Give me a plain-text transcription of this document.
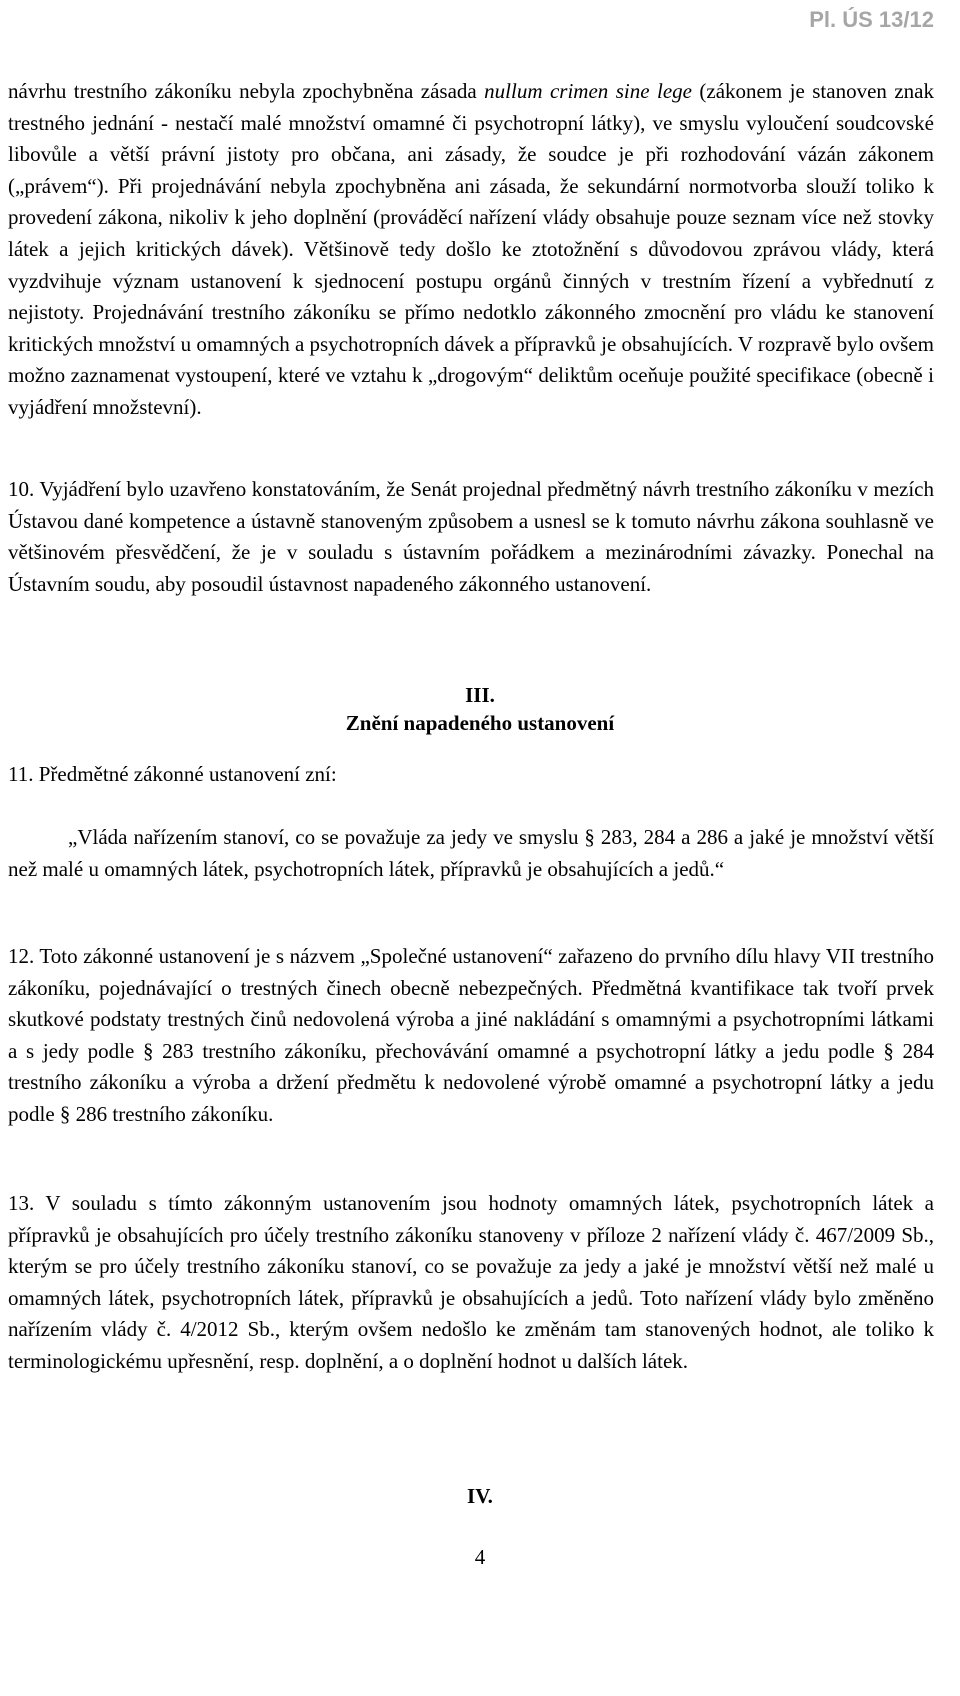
Pl. ÚS 13/12

návrhu trestního zákoníku nebyla zpochybněna zásada nullum crimen sine lege (zákonem je stanoven znak trestného jednání - nestačí malé množství omamné či psychotropní látky), ve smyslu vyloučení soudcovské libovůle a větší právní jistoty pro občana, ani zásady, že soudce je při rozhodování vázán zákonem („právem“). Při projednávání nebyla zpochybněna ani zásada, že sekundární normotvorba slouží toliko k provedení zákona, nikoliv k jeho doplnění (prováděcí nařízení vlády obsahuje pouze seznam více než stovky látek a jejich kritických dávek). Většinově tedy došlo ke ztotožnění s důvodovou zprávou vlády, která vyzdvihuje význam ustanovení k sjednocení postupu orgánů činných v trestním řízení a vybřednutí z nejistoty. Projednávání trestního zákoníku se přímo nedotklo zákonného zmocnění pro vládu ke stanovení kritických množství u omamných a psychotropních dávek a přípravků je obsahujících. V rozpravě bylo ovšem možno zaznamenat vystoupení, které ve vztahu k „drogovým“ deliktům oceňuje použité specifikace (obecně i vyjádření množstevní).

10. Vyjádření bylo uzavřeno konstatováním, že Senát projednal předmětný návrh trestního zákoníku v mezích Ústavou dané kompetence a ústavně stanoveným způsobem a usnesl se k tomuto návrhu zákona souhlasně ve většinovém přesvědčení, že je v souladu s ústavním pořádkem a mezinárodními závazky. Ponechal na Ústavním soudu, aby posoudil ústavnost napadeného zákonného ustanovení.

III.
Znění napadeného ustanovení

11. Předmětné zákonné ustanovení zní:

„Vláda nařízením stanoví, co se považuje za jedy ve smyslu § 283, 284 a 286 a jaké je množství větší než malé u omamných látek, psychotropních látek, přípravků je obsahujících a jedů.“

12. Toto zákonné ustanovení je s názvem „Společné ustanovení“ zařazeno do prvního dílu hlavy VII trestního zákoníku, pojednávající o trestných činech obecně nebezpečných. Předmětná kvantifikace tak tvoří prvek skutkové podstaty trestných činů nedovolená výroba a jiné nakládání s omamnými a psychotropními látkami a s jedy podle § 283 trestního zákoníku, přechovávání omamné a psychotropní látky a jedu podle § 284 trestního zákoníku a výroba a držení předmětu k nedovolené výrobě omamné a psychotropní látky a jedu podle § 286 trestního zákoníku.

13. V souladu s tímto zákonným ustanovením jsou hodnoty omamných látek, psychotropních látek a přípravků je obsahujících pro účely trestního zákoníku stanoveny v příloze 2 nařízení vlády č. 467/2009 Sb., kterým se pro účely trestního zákoníku stanoví, co se považuje za jedy a jaké je množství větší než malé u omamných látek, psychotropních látek, přípravků je obsahujících a jedů. Toto nařízení vlády bylo změněno nařízením vlády č. 4/2012 Sb., kterým ovšem nedošlo ke změnám tam stanovených hodnot, ale toliko k terminologickému upřesnění, resp. doplnění, a o doplnění hodnot u dalších látek.

IV.
4
